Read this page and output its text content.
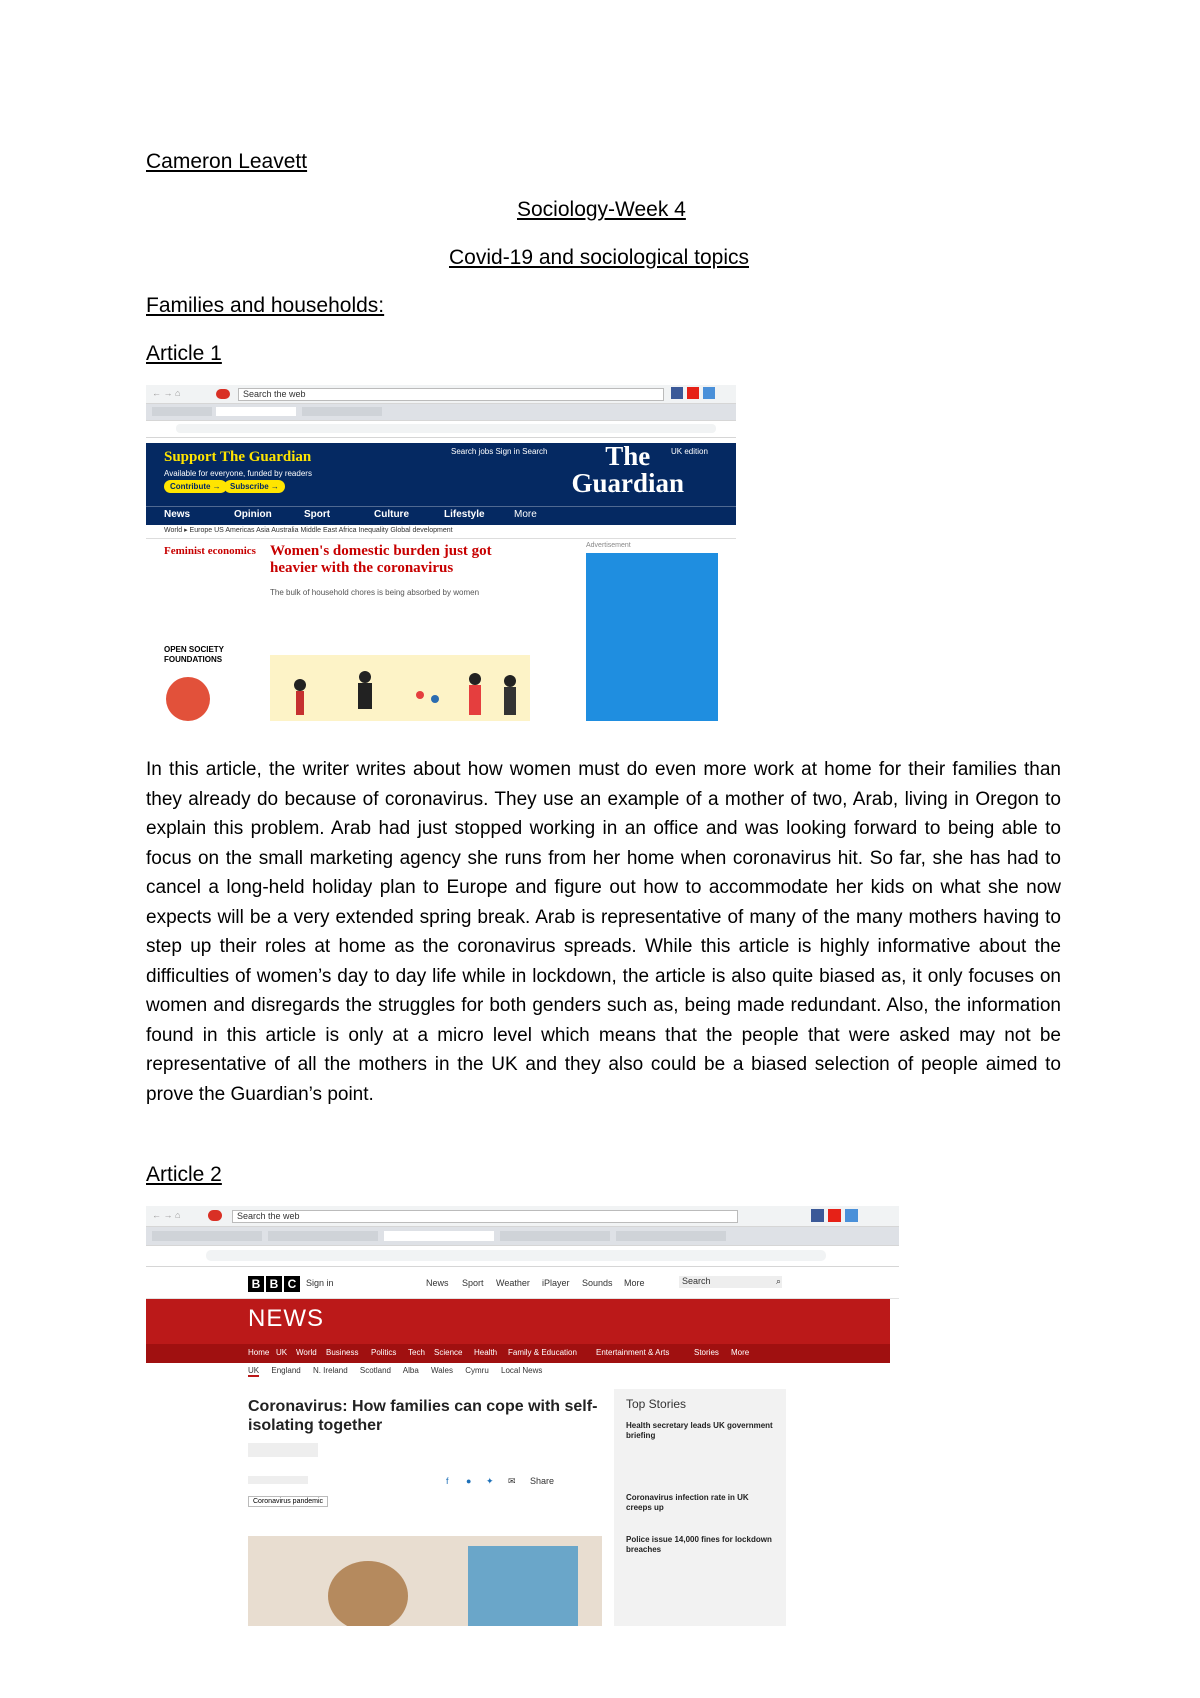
Cameron Leavett
Sociology-Week 4
Covid-19 and sociological topics
Families and households:
Article 1
← → ⌂	Search the web
Support The Guardian
Available for everyone, funded by readers
Contribute →	Subscribe →
Search jobs Sign in Search	UK edition
The
Guardian
News	Opinion	Sport	Culture	Lifestyle	More
World ▸ Europe US Americas Asia Australia Middle East Africa Inequality Global development
Feminist economics Women's domestic burden just got heavier with the coronavirus
The bulk of household chores is being absorbed by women
OPEN SOCIETY FOUNDATIONS
Advertisement

In this article, the writer writes about how women must do even more work at home for their families than they already do because of coronavirus. They use an example of a mother of two, Arab, living in Oregon to explain this problem. Arab had just stopped working in an office and was looking forward to being able to focus on the small marketing agency she runs from her home when coronavirus hit. So far, she has had to cancel a long-held holiday plan to Europe and figure out how to accommodate her kids on what she now expects will be a very extended spring break. Arab is representative of many of the many mothers having to step up their roles at home as the coronavirus spreads. While this article is highly informative about the difficulties of women’s day to day life while in lockdown, the article is also quite biased as, it only focuses on women and disregards the struggles for both genders such as, being made redundant. Also, the information found in this article is only at a micro level which means that the people that were asked may not be representative of all the mothers in the UK and they also could be a biased selection of people aimed to prove the Guardian’s point.

Article 2
← → ⌂	Search the web
B B C	Sign in	News Sport Weather iPlayer Sounds More	Search	⌕
NEWS
Home UK World Business Politics Tech Science Health Family & Education Entertainment & Arts	Stories More
UK England N. Ireland Scotland Alba Wales Cymru Local News
Coronavirus: How families can cope with self-isolating together
f ● ✦ ✉ Share
Coronavirus pandemic
Top Stories
Health secretary leads UK government briefing
Coronavirus infection rate in UK creeps up
Police issue 14,000 fines for lockdown breaches
